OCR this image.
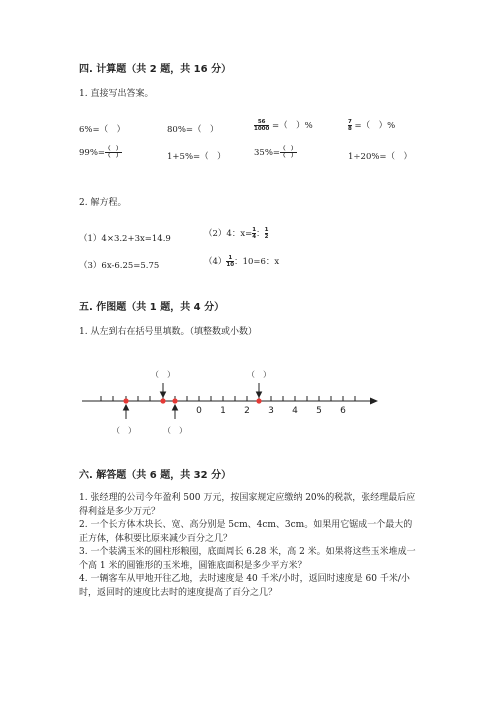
四. 计算题（共 2 题，共 16 分）
1. 直接写出答案。
6%=（　）	80%=（　）	$\frac{56}{1000}$ =（　）%	$\frac{7}{8}$ =（　）%
$99\%= \frac{( )}{( )}$	1+5%=（　）	$35\%= \frac{( )}{( )}$	1÷20%=（　）
2. 解方程。
（1）4×3.2+3x=14.9	（2）4：$x= \frac{1}{4}$ ： $\frac{1}{2}$
（3）6x-6.25=5.75	$(4) \frac{1}{10}$ ：10=6：x
五. 作图题（共 1 题，共 4 分）
1. 从左到右在括号里填数。（填整数或小数）
0 1 2 3 4 5 6
（　）	（　）
（　）	（　）
六. 解答题（共 6 题，共 32 分）
1. 张经理的公司今年盈利 500 万元，按国家规定应缴纳 20%的税款，张经理最后应得利益是多少万元？
2. 一个长方体木块长、宽、高分别是 5cm、4cm、3cm。如果用它锯成一个最大的正方体，体积要比原来减少百分之几？
3. 一个装满玉米的圆柱形粮囤，底面周长 6.28 米，高 2 米。如果将这些玉米堆成一个高 1 米的圆锥形的玉米堆，圆锥底面积是多少平方米？
4. 一辆客车从甲地开往乙地，去时速度是 40 千米/小时，返回时速度是 60 千米/小时，返回时的速度比去时的速度提高了百分之几？
